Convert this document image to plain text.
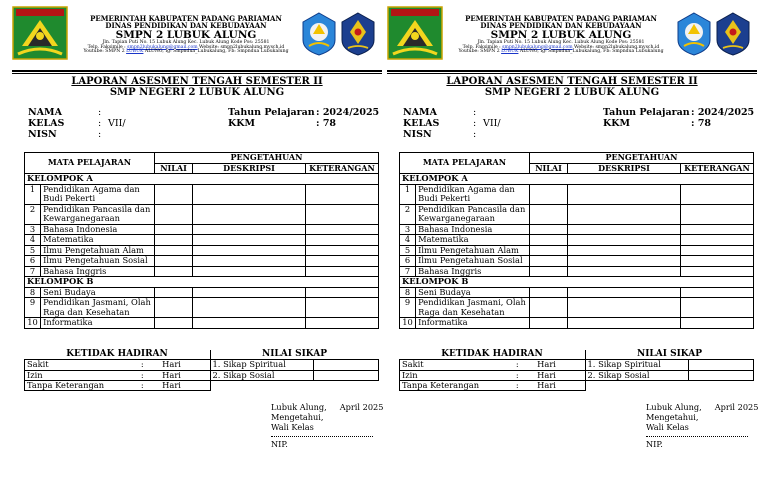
PEMERINTAH KABUPATEN PADANG PARIAMAN
DINAS PENDIDIKAN DAN KEBUDAYAAN
SMPN 2 LUBUK ALUNG
Jln. Tapian Puti No. 15 Lubuk Alung Kec. Lubuk Alung Kode Pos: 25581
Telp. Faksimile : smpn2lubukalung@gmail.com Website: smpn2lubukalung.mysch.id
Youtube: SMPN 2 LUBUK ALUNG, Ig: Smpndua_Lubukalung, Fb: Smpndua Lubukalung
LAPORAN ASESMEN TENGAH SEMESTER II
SMP NEGERI 2 LUBUK ALUNG
NAMA	:
KELAS	: VII/
NISN	:
Tahun Pelajaran : 2024/2025
KKM	: 78
MATA PELAJARAN		PENGETAHUAN		
		NILAI	DESKRIPSI	KETERANGAN
KELOMPOK A				
1	Pendidikan Agama dan
Budi Pekerti			

2	Pendidikan Pancasila dan
Kewarganegaraan			

3	Bahasa Indonesia			

4	Matematika			

5	Ilmu Pengetahuan Alam			

6	Ilmu Pengetahuan Sosial			

7	Bahasa Inggris			

KELOMPOK B				
8	Seni Budaya			

9	Pendidikan Jasmani, Olah
Raga dan Kesehatan			

10	Informatika			

KETIDAK HADIRAN			NILAI SIKAP	
Sakit	:	Hari	1. Sikap Spiritual	
Izin	:	Hari	2. Sikap Sosial	
Tanpa Keterangan	:	Hari		
Lubuk Alung, April 2025
Mengetahui,
Wali Kelas
NIP.
PEMERINTAH KABUPATEN PADANG PARIAMAN
DINAS PENDIDIKAN DAN KEBUDAYAAN
SMPN 2 LUBUK ALUNG
Jln. Tapian Puti No. 15 Lubuk Alung Kec. Lubuk Alung Kode Pos: 25581
Telp. Faksimile : smpn2lubukalung@gmail.com Website: smpn2lubukalung.mysch.id
Youtube: SMPN 2 LUBUK ALUNG, Ig: Smpndua_Lubukalung, Fb: Smpndua Lubukalung
LAPORAN ASESMEN TENGAH SEMESTER II
SMP NEGERI 2 LUBUK ALUNG
NAMA	:
KELAS	: VII/
NISN	:
Tahun Pelajaran : 2024/2025
KKM	: 78
MATA PELAJARAN		PENGETAHUAN		
		NILAI	DESKRIPSI	KETERANGAN
KELOMPOK A				
1	Pendidikan Agama dan
Budi Pekerti			

2	Pendidikan Pancasila dan
Kewarganegaraan			

3	Bahasa Indonesia			

4	Matematika			

5	Ilmu Pengetahuan Alam			

6	Ilmu Pengetahuan Sosial			

7	Bahasa Inggris			

KELOMPOK B				
8	Seni Budaya			

9	Pendidikan Jasmani, Olah
Raga dan Kesehatan			

10	Informatika			

KETIDAK HADIRAN			NILAI SIKAP	
Sakit	:	Hari	1. Sikap Spiritual	
Izin	:	Hari	2. Sikap Sosial	
Tanpa Keterangan	:	Hari		
Lubuk Alung, April 2025
Mengetahui,
Wali Kelas
NIP.
